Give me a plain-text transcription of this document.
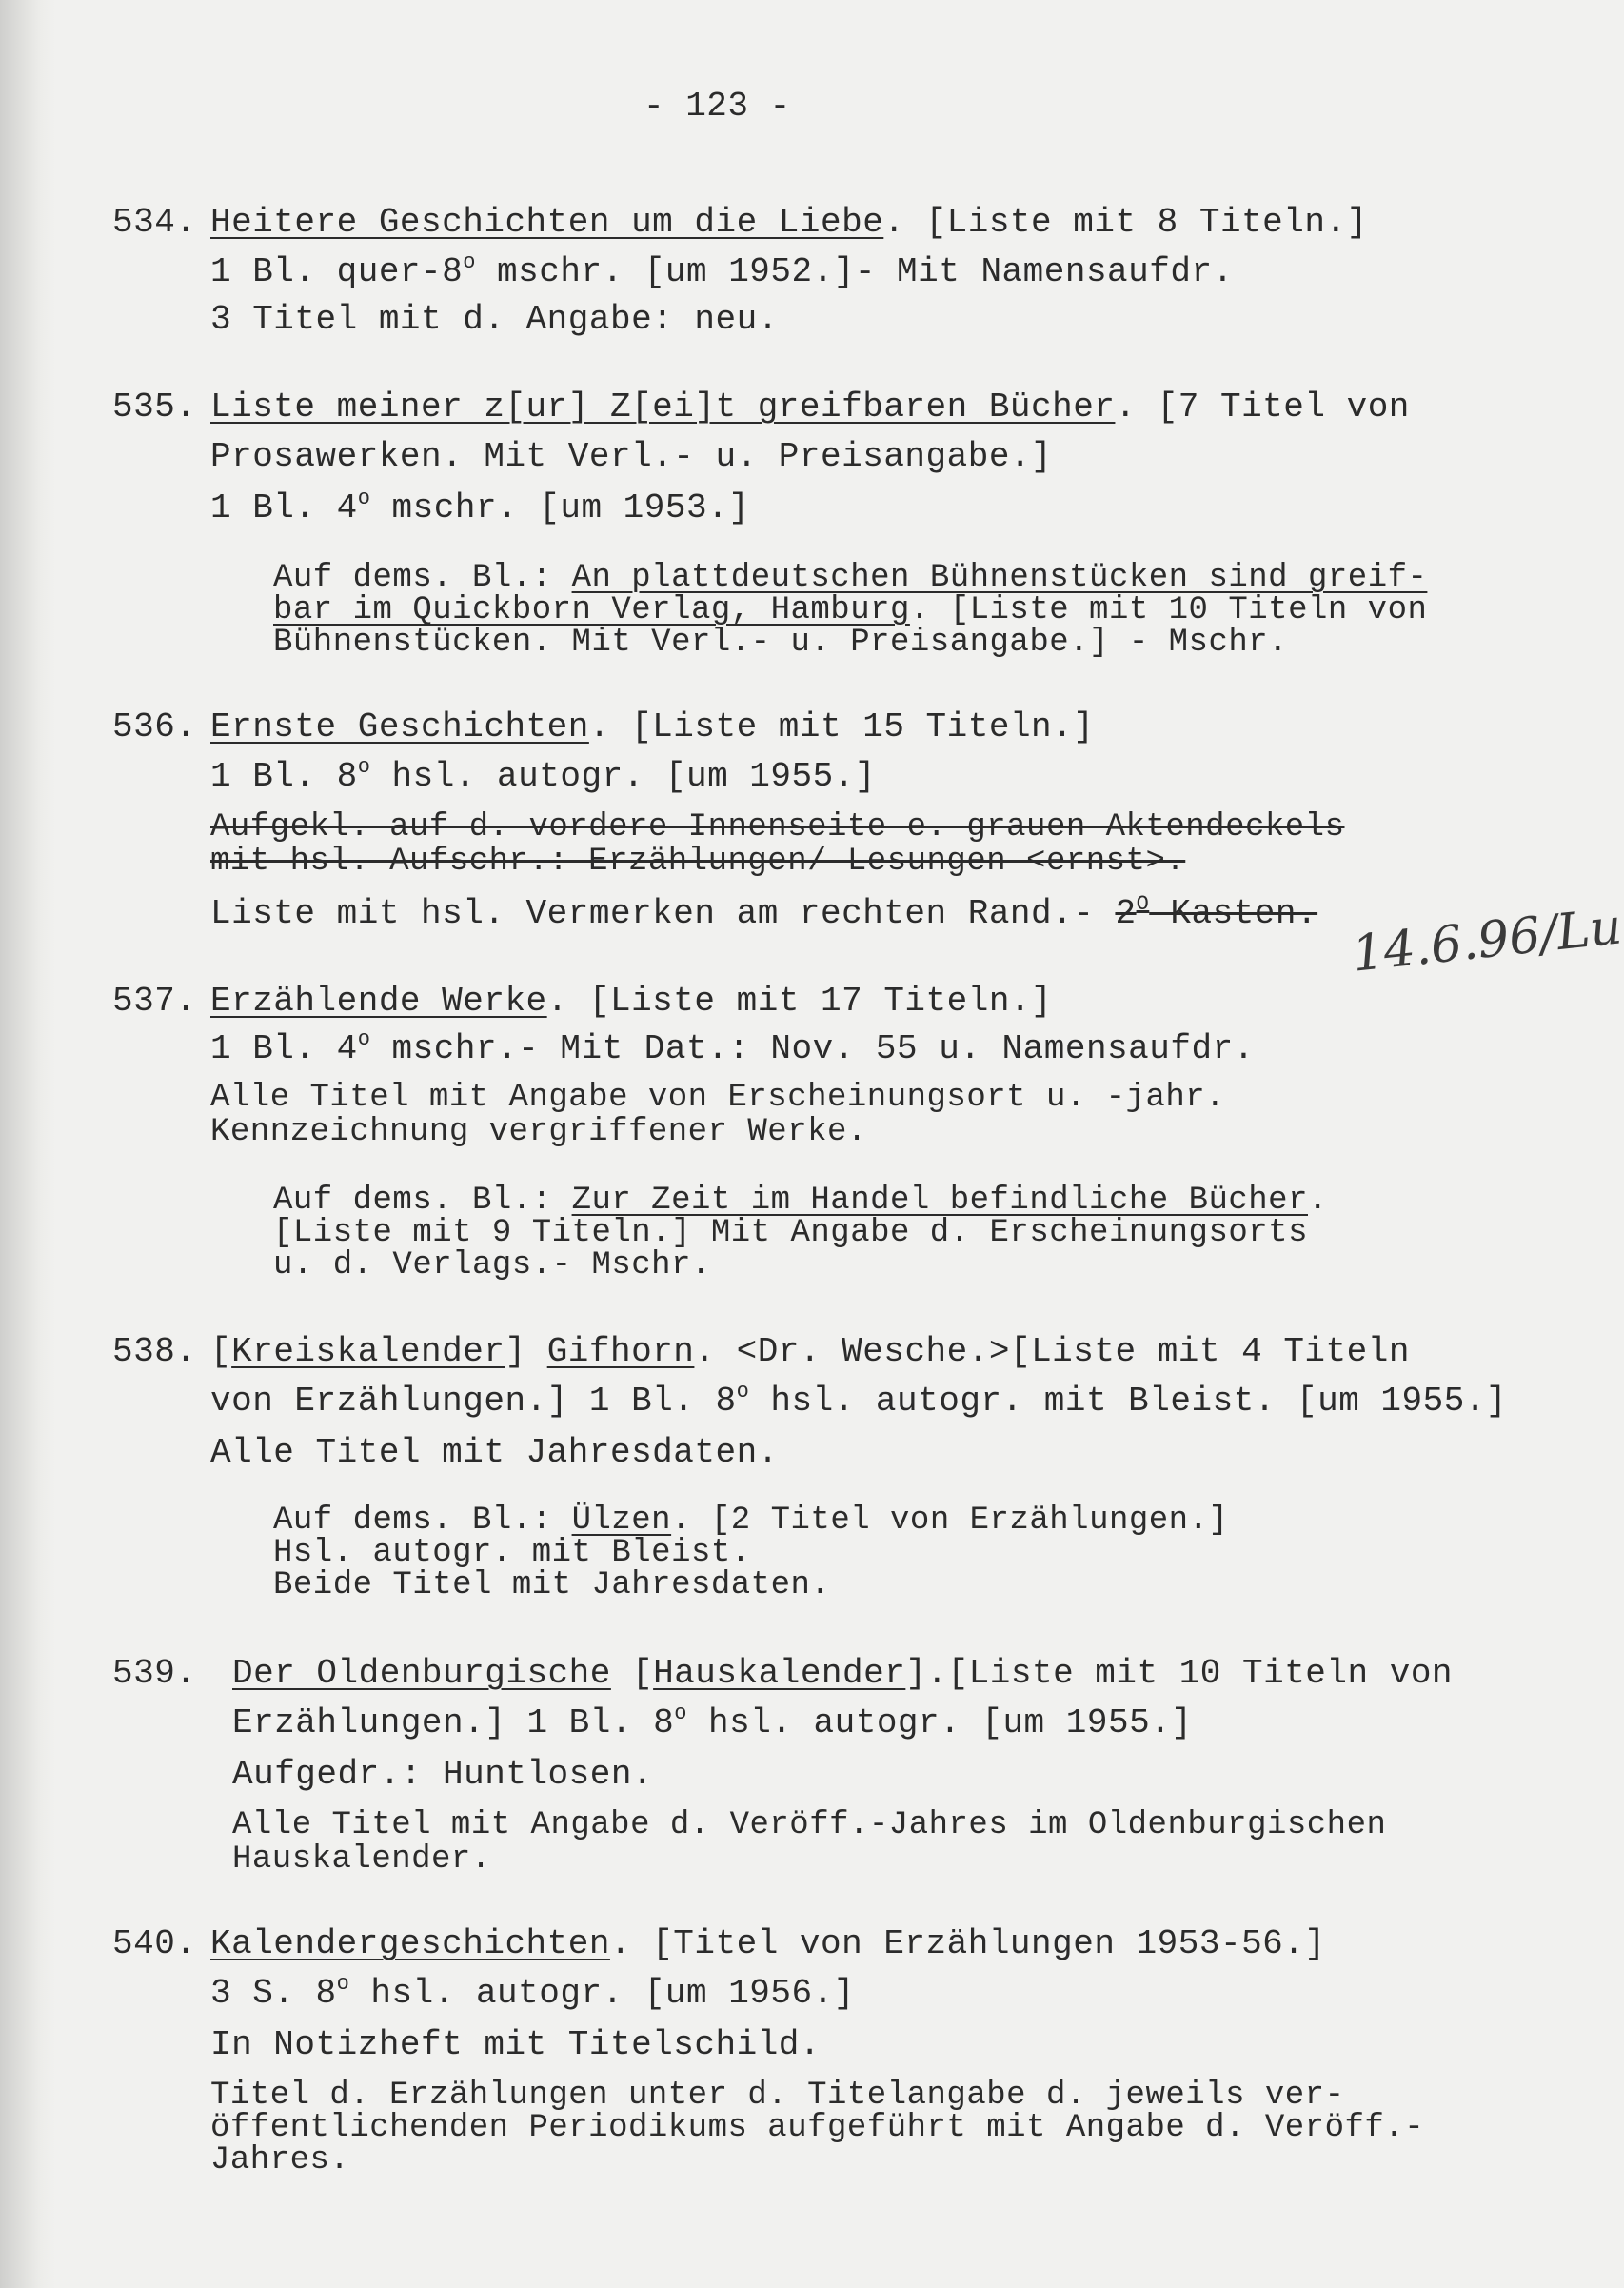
- 123 -
534. Heitere Geschichten um die Liebe. [Liste mit 8 Titeln.]
1 Bl. quer-8$^o$ mschr. [um 1952.]- Mit Namensaufdr.
3 Titel mit d. Angabe: neu.
535. Liste meiner z[ur] Z[ei]t greifbaren Bücher. [7 Titel von
Prosawerken. Mit Verl.- u. Preisangabe.]
1 Bl. 4$^o$ mschr. [um 1953.]
Auf dems. Bl.: An plattdeutschen Bühnenstücken sind greif-
bar im Quickborn Verlag, Hamburg. [Liste mit 10 Titeln von
Bühnenstücken. Mit Verl.- u. Preisangabe.] - Mschr.
536. Ernste Geschichten. [Liste mit 15 Titeln.]
1 Bl. 8$^o$ hsl. autogr. [um 1955.]
Aufgekl. auf d. vordere Innenseite e. grauen Aktendeckels
mit hsl. Aufschr.: Erzählungen/ Lesungen <ernst>.
Liste mit hsl. Vermerken am rechten Rand.- $2^O$-Kasten. 14.6.96/Lu
537. Erzählende Werke. [Liste mit 17 Titeln.]
1 Bl. 4$^o$ mschr.- Mit Dat.: Nov. 55 u. Namensaufdr.
Alle Titel mit Angabe von Erscheinungsort u. -jahr.
Kennzeichnung vergriffener Werke.
Auf dems. Bl.: Zur Zeit im Handel befindliche Bücher.
[Liste mit 9 Titeln.] Mit Angabe d. Erscheinungsorts
u. d. Verlags.- Mschr.
538. [Kreiskalender] Gifhorn. <Dr. Wesche.>[Liste mit 4 Titeln
von Erzählungen.] 1 Bl. 8$^o$ hsl. autogr. mit Bleist. [um 1955.]
Alle Titel mit Jahresdaten.
Auf dems. Bl.: Ülzen. [2 Titel von Erzählungen.]
Hsl. autogr. mit Bleist.
Beide Titel mit Jahresdaten.
539. Der Oldenburgische [Hauskalender].[Liste mit 10 Titeln von
Erzählungen.] 1 Bl. 8$^o$ hsl. autogr. [um 1955.]
Aufgedr.: Huntlosen.
Alle Titel mit Angabe d. Veröff.-Jahres im Oldenburgischen
Hauskalender.
540. Kalendergeschichten. [Titel von Erzählungen 1953-56.]
3 S. 8$^o$ hsl. autogr. [um 1956.]
In Notizheft mit Titelschild.
Titel d. Erzählungen unter d. Titelangabe d. jeweils ver-
öffentlichenden Periodikums aufgeführt mit Angabe d. Veröff.-
Jahres.
